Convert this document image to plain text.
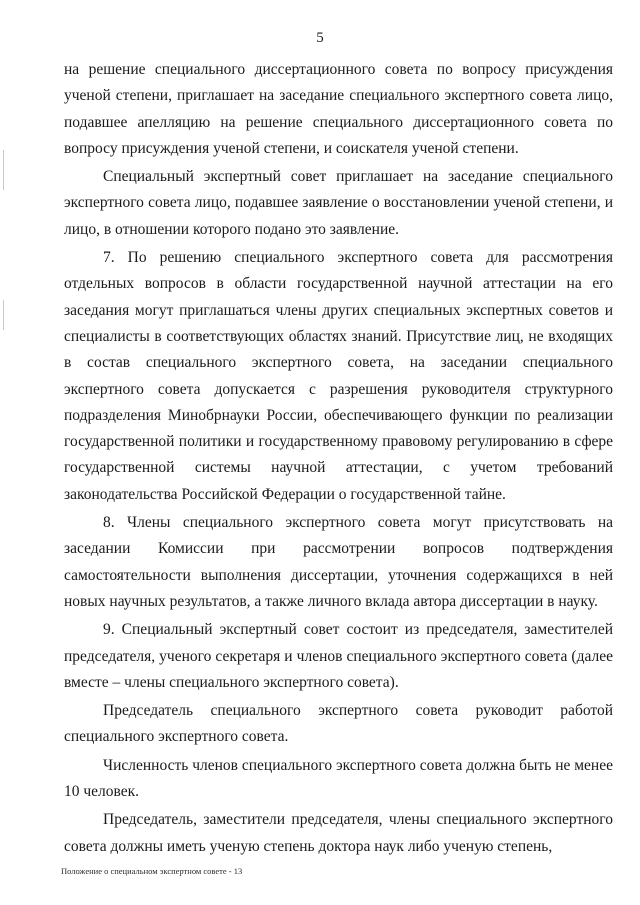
5

на решение специального диссертационного совета по вопросу присуждения ученой степени, приглашает на заседание специального экспертного совета лицо, подавшее апелляцию на решение специального диссертационного совета по вопросу присуждения ученой степени, и соискателя ученой степени.

Специальный экспертный совет приглашает на заседание специального экспертного совета лицо, подавшее заявление о восстановлении ученой степени, и лицо, в отношении которого подано это заявление.

7. По решению специального экспертного совета для рассмотрения отдельных вопросов в области государственной научной аттестации на его заседания могут приглашаться члены других специальных экспертных советов и специалисты в соответствующих областях знаний. Присутствие лиц, не входящих в состав специального экспертного совета, на заседании специального экспертного совета допускается с разрешения руководителя структурного подразделения Минобрнауки России, обеспечивающего функции по реализации государственной политики и государственному правовому регулированию в сфере государственной системы научной аттестации, с учетом требований законодательства Российской Федерации о государственной тайне.

8. Члены специального экспертного совета могут присутствовать на заседании Комиссии при рассмотрении вопросов подтверждения самостоятельности выполнения диссертации, уточнения содержащихся в ней новых научных результатов, а также личного вклада автора диссертации в науку.

9. Специальный экспертный совет состоит из председателя, заместителей председателя, ученого секретаря и членов специального экспертного совета (далее вместе – члены специального экспертного совета).

Председатель специального экспертного совета руководит работой специального экспертного совета.

Численность членов специального экспертного совета должна быть не менее 10 человек.

Председатель, заместители председателя, члены специального экспертного совета должны иметь ученую степень доктора наук либо ученую степень,

Положение о специальном экспертном совете - 13
